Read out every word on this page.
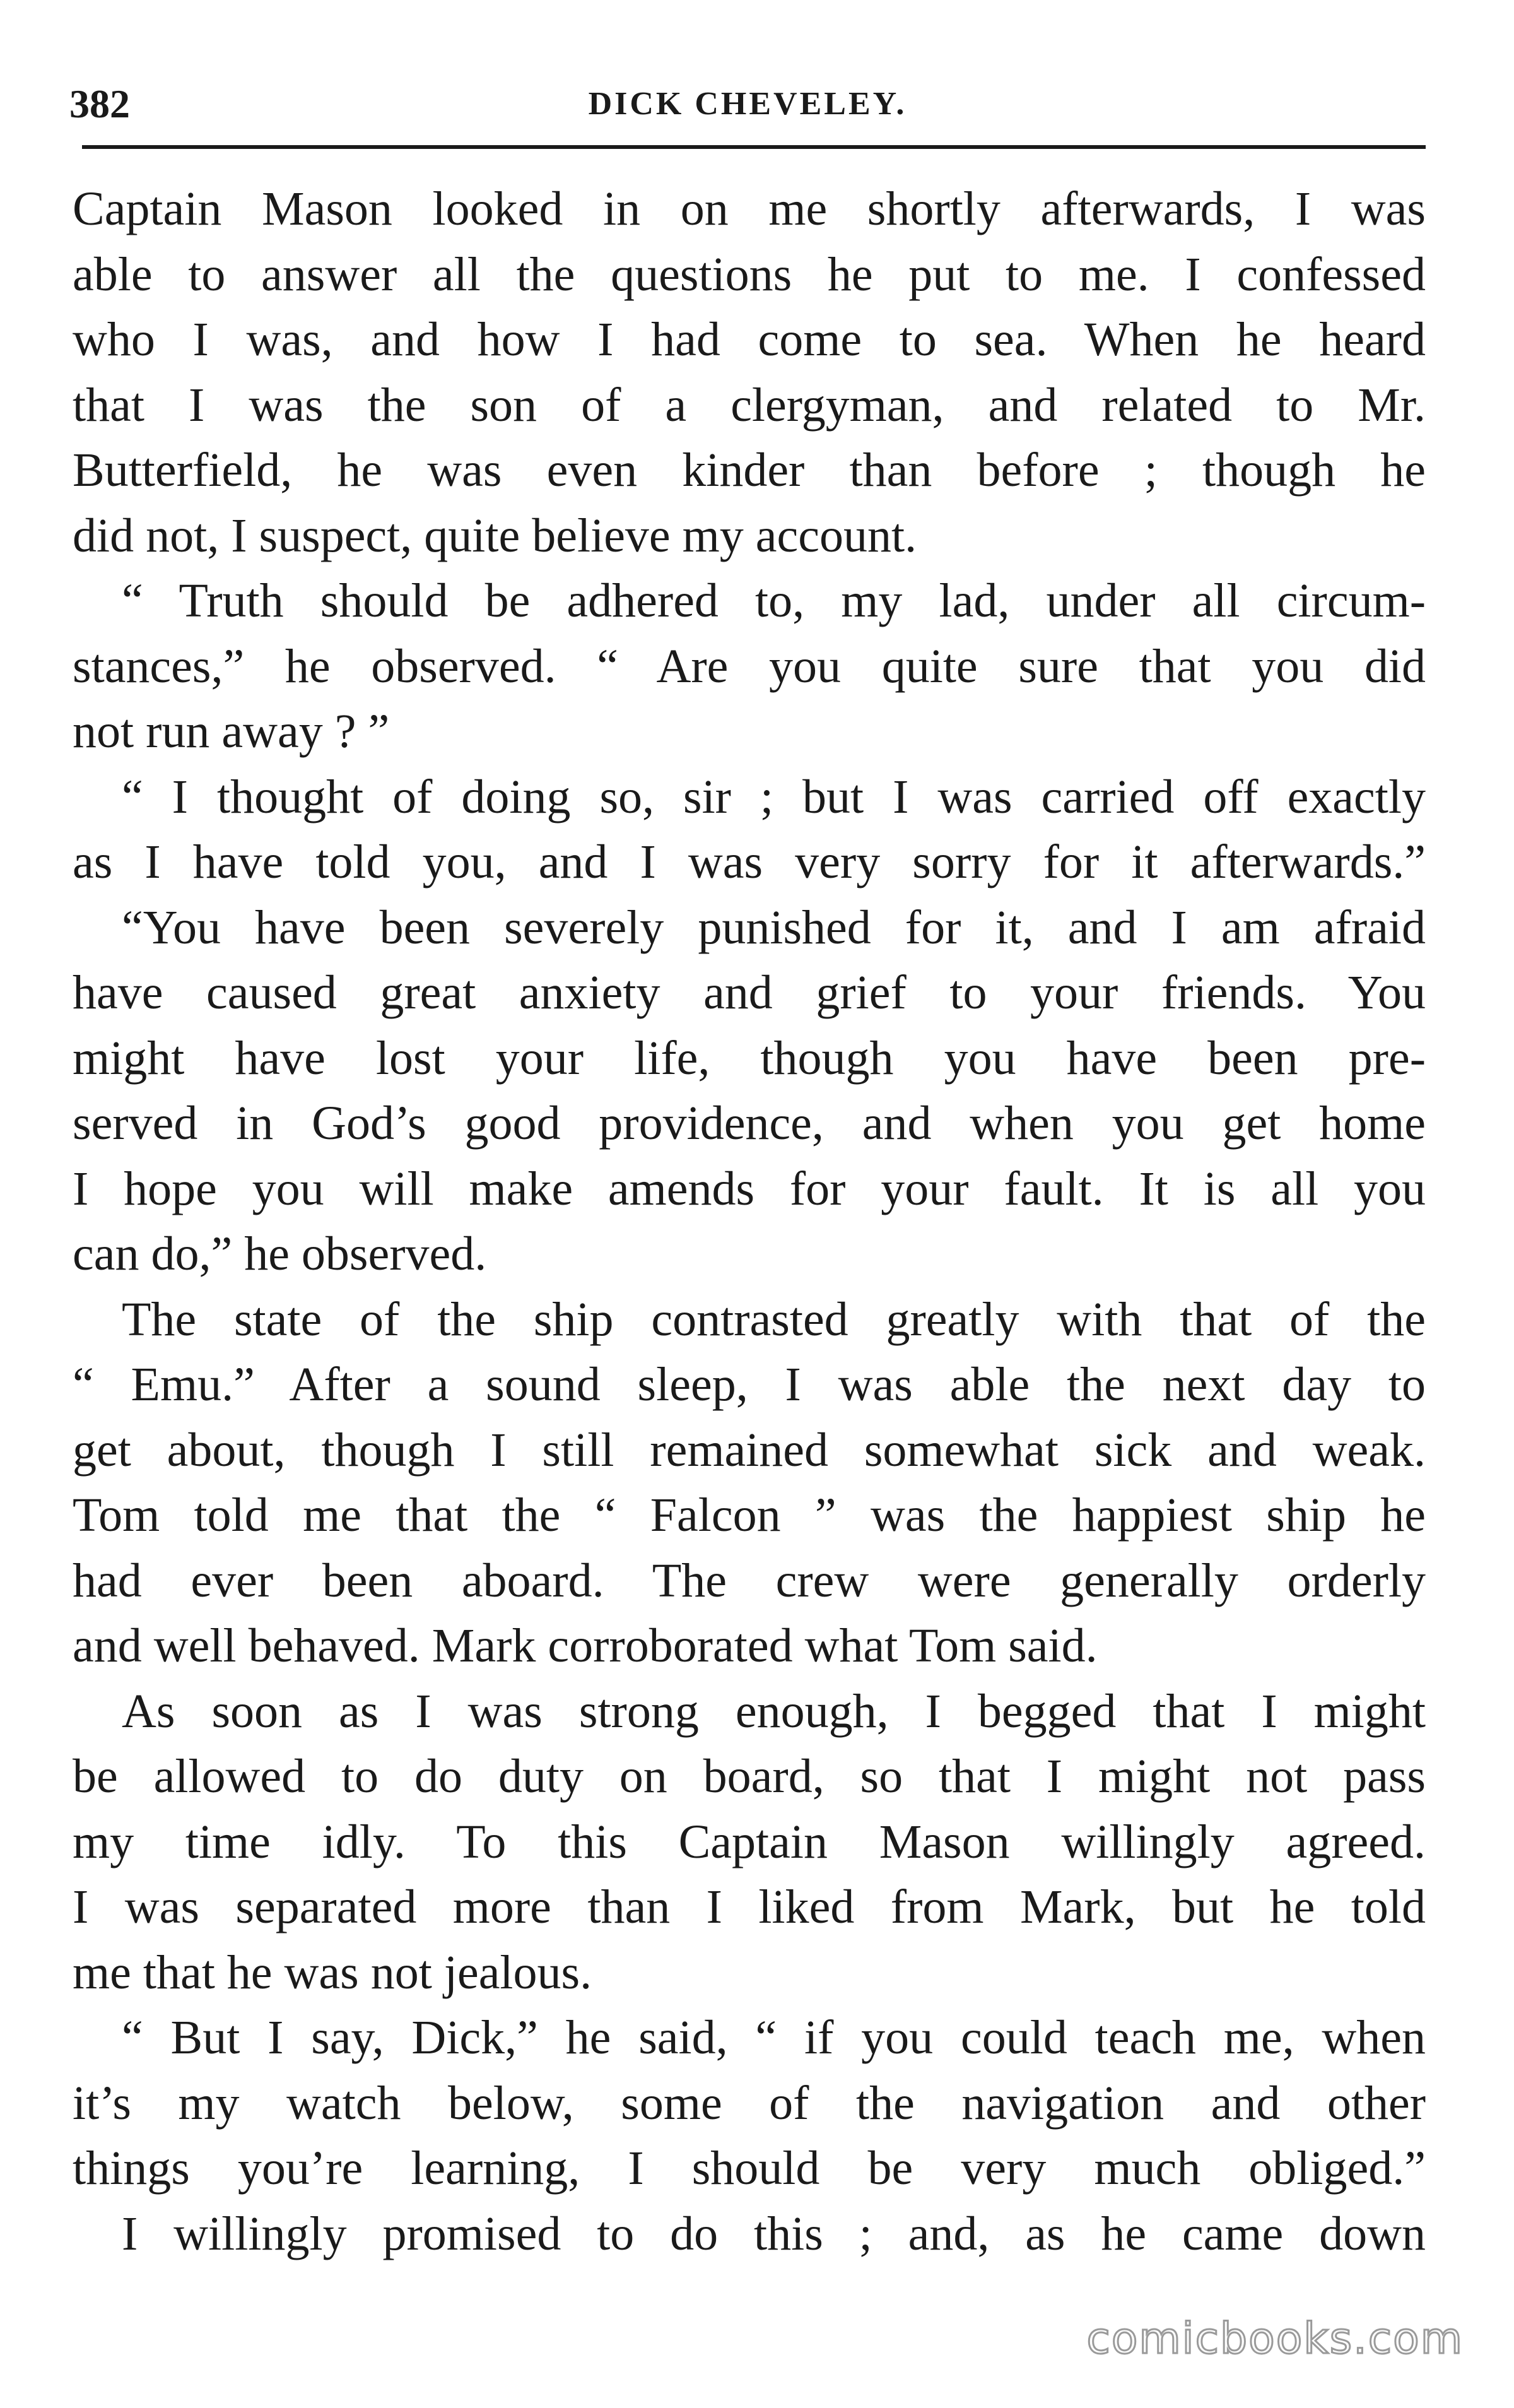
382	DICK CHEVELEY.
Captain Mason looked in on me shortly afterwards, I was
able to answer all the questions he put to me. I confessed
who I was, and how I had come to sea. When he heard
that I was the son of a clergyman, and related to Mr.
Butterfield, he was even kinder than before ; though he
did not, I suspect, quite believe my account.
“ Truth should be adhered to, my lad, under all circum-
stances,” he observed. “ Are you quite sure that you did
not run away ? ”
“ I thought of doing so, sir ; but I was carried off exactly
as I have told you, and I was very sorry for it afterwards.”
“You have been severely punished for it, and I am afraid
have caused great anxiety and grief to your friends. You
might have lost your life, though you have been pre-
served in God’s good providence, and when you get home
I hope you will make amends for your fault. It is all you
can do,” he observed.
The state of the ship contrasted greatly with that of the
“ Emu.” After a sound sleep, I was able the next day to
get about, though I still remained somewhat sick and weak.
Tom told me that the “ Falcon ” was the happiest ship he
had ever been aboard. The crew were generally orderly
and well behaved. Mark corroborated what Tom said.
As soon as I was strong enough, I begged that I might
be allowed to do duty on board, so that I might not pass
my time idly. To this Captain Mason willingly agreed.
I was separated more than I liked from Mark, but he told
me that he was not jealous.
“ But I say, Dick,” he said, “ if you could teach me, when
it’s my watch below, some of the navigation and other
things you’re learning, I should be very much obliged.”
I willingly promised to do this ; and, as he came down
comicbooks.com
